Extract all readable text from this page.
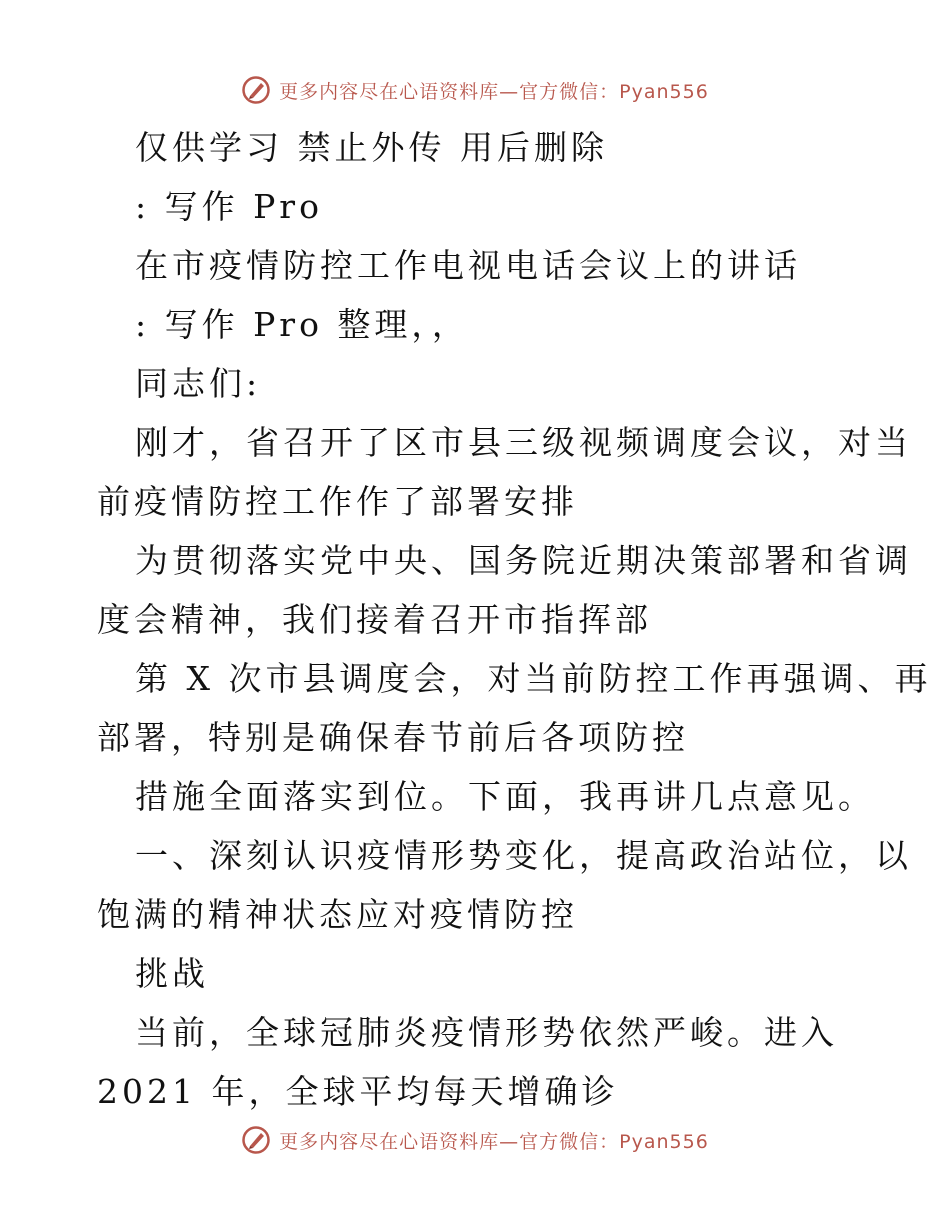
更多内容尽在心语资料库—官方微信：Pyan556
仅供学习 禁止外传 用后删除
: 写作 Pro
在市疫情防控工作电视电话会议上的讲话
: 写作 Pro 整理，，
同志们:
刚才，省召开了区市县三级视频调度会议，对当
前疫情防控工作作了部署安排
为贯彻落实党中央、国务院近期决策部署和省调
度会精神，我们接着召开市指挥部
第 X 次市县调度会，对当前防控工作再强调、再
部署，特别是确保春节前后各项防控
措施全面落实到位。下面，我再讲几点意见。
一、深刻认识疫情形势变化，提高政治站位，以
饱满的精神状态应对疫情防控
挑战
当前，全球冠肺炎疫情形势依然严峻。进入
2021 年，全球平均每天增确诊
更多内容尽在心语资料库—官方微信：Pyan556
